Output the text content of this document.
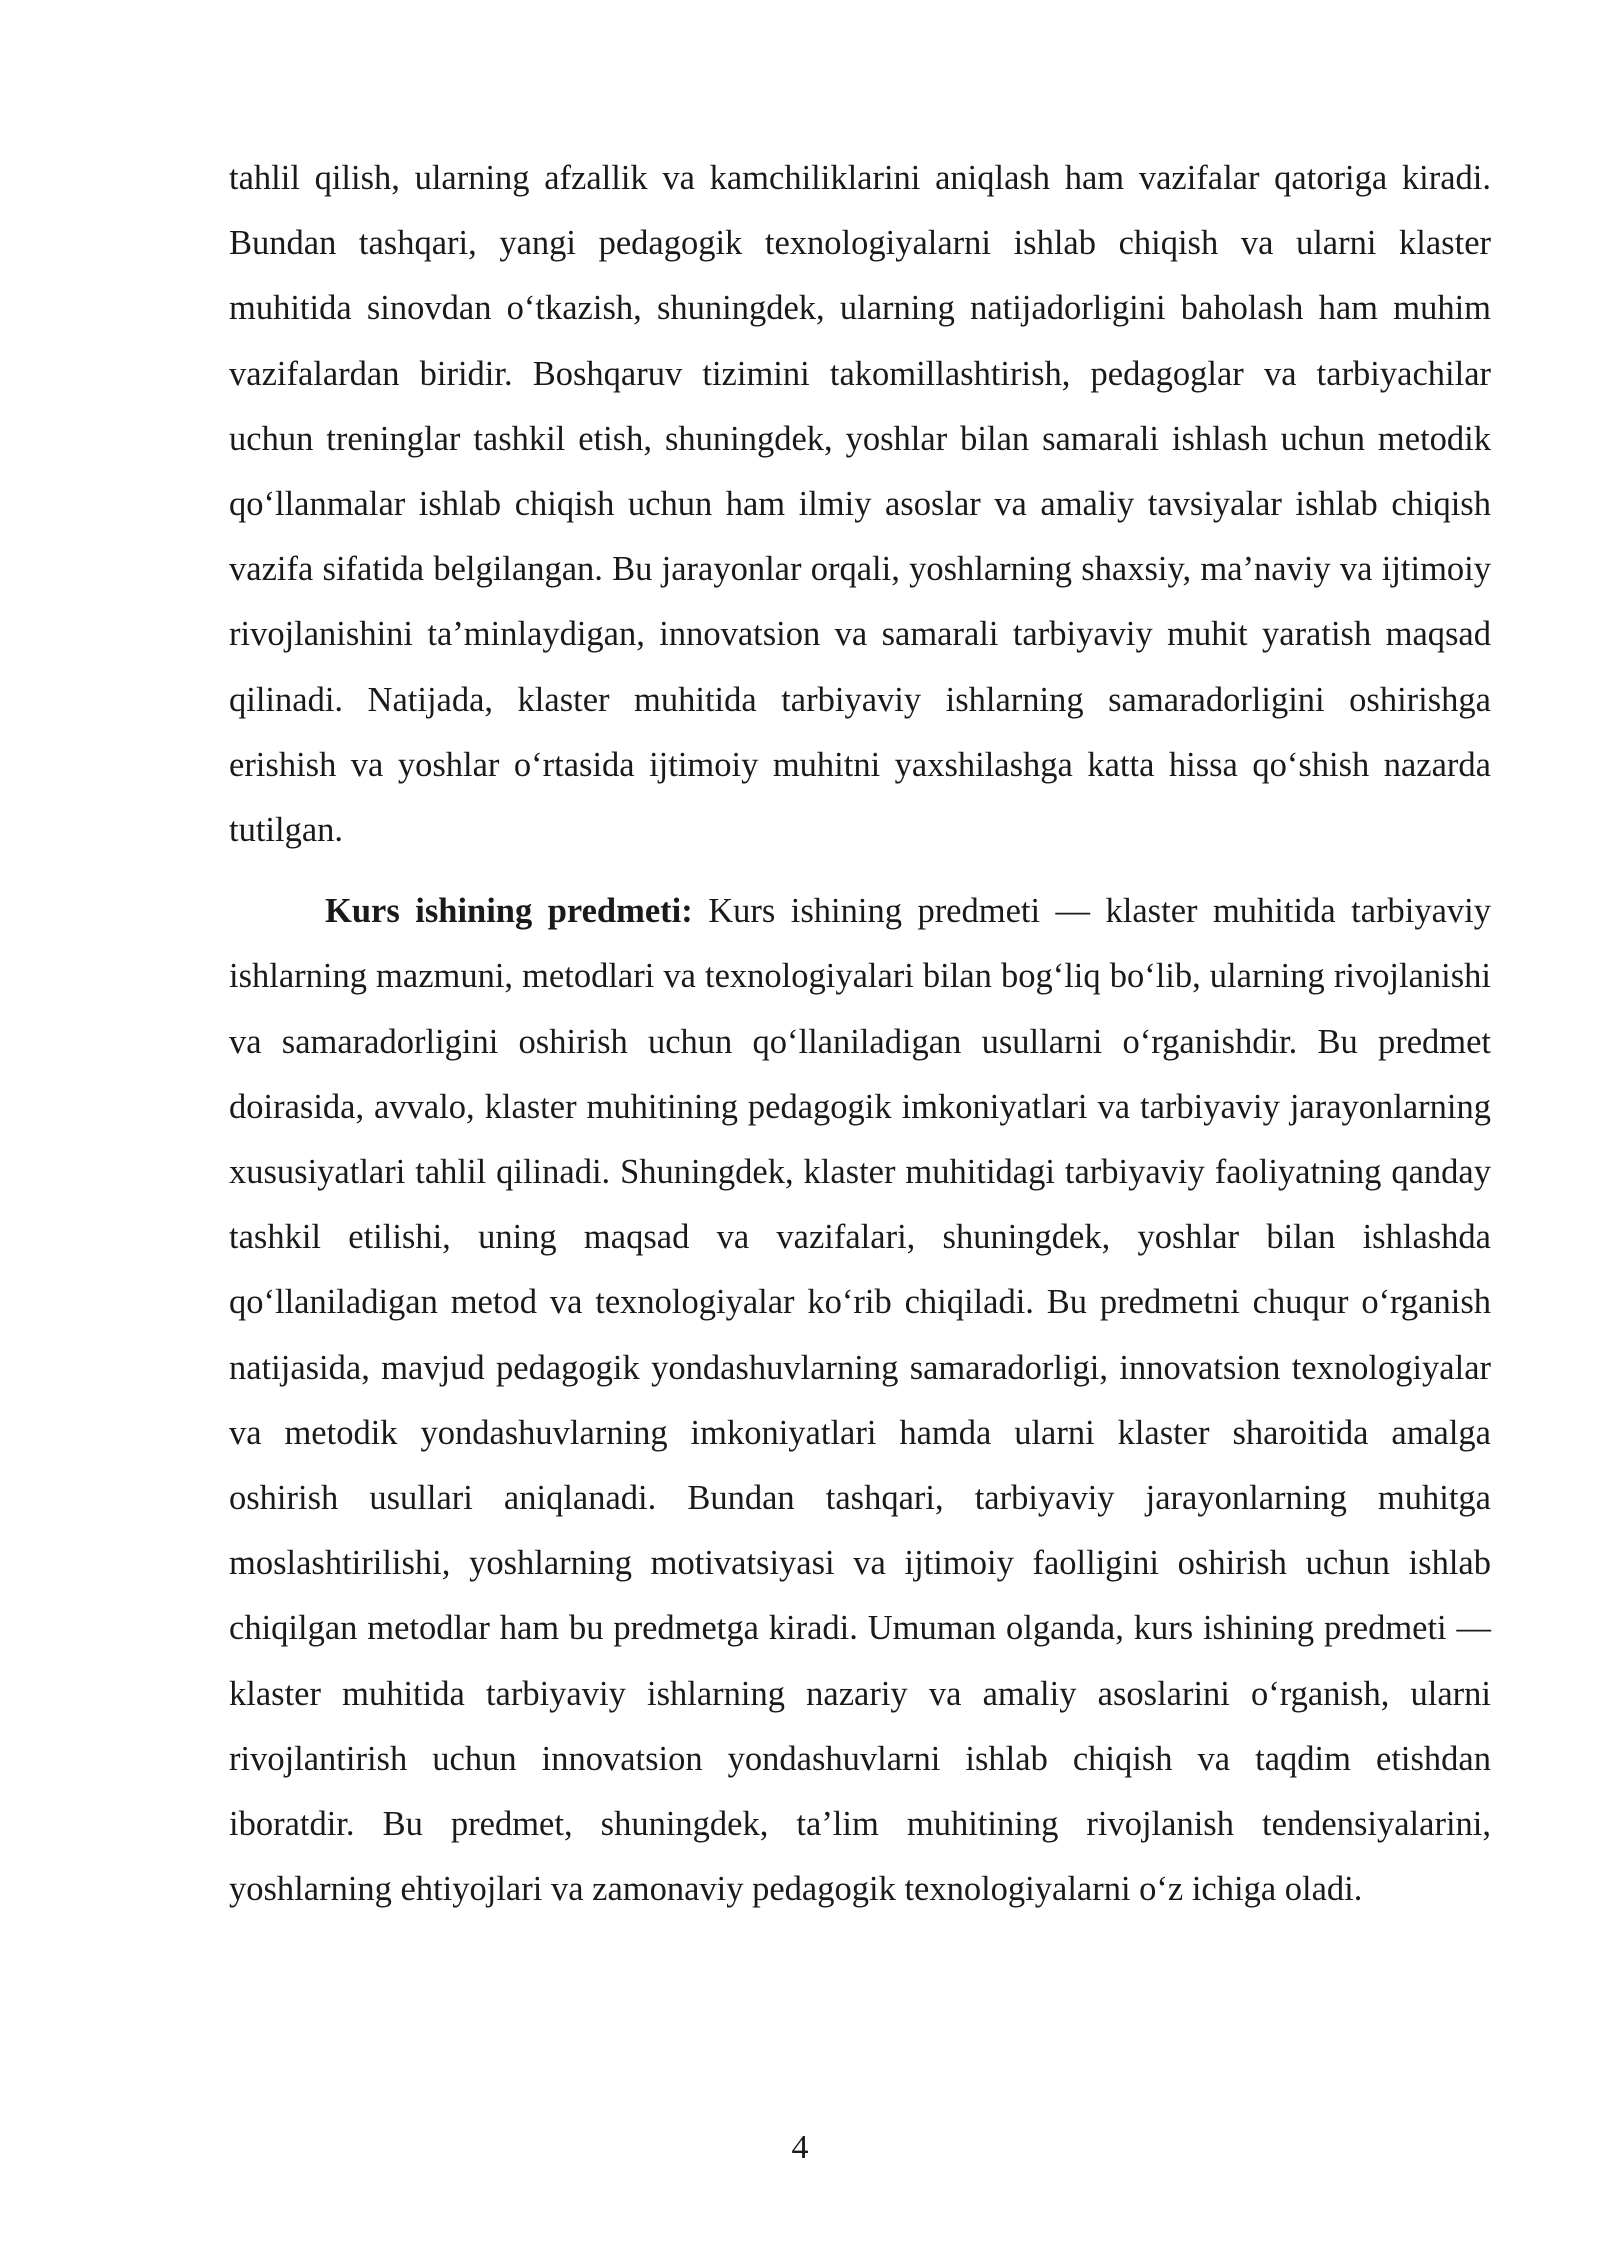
tahlil qilish, ularning afzallik va kamchiliklarini aniqlash ham vazifalar qatoriga kiradi. Bundan tashqari, yangi pedagogik texnologiyalarni ishlab chiqish va ularni klaster muhitida sinovdan o‘tkazish, shuningdek, ularning natijadorligini baholash ham muhim vazifalardan biridir. Boshqaruv tizimini takomillashtirish, pedagoglar va tarbiyachilar uchun treninglar tashkil etish, shuningdek, yoshlar bilan samarali ishlash uchun metodik qo‘llanmalar ishlab chiqish uchun ham ilmiy asoslar va amaliy tavsiyalar ishlab chiqish vazifa sifatida belgilangan. Bu jarayonlar orqali, yoshlarning shaxsiy, ma’naviy va ijtimoiy rivojlanishini ta’minlaydigan, innovatsion va samarali tarbiyaviy muhit yaratish maqsad qilinadi. Natijada, klaster muhitida tarbiyaviy ishlarning samaradorligini oshirishga erishish va yoshlar o‘rtasida ijtimoiy muhitni yaxshilashga katta hissa qo‘shish nazarda tutilgan.

Kurs ishining predmeti: Kurs ishining predmeti — klaster muhitida tarbiyaviy ishlarning mazmuni, metodlari va texnologiyalari bilan bog‘liq bo‘lib, ularning rivojlanishi va samaradorligini oshirish uchun qo‘llaniladigan usullarni o‘rganishdir. Bu predmet doirasida, avvalo, klaster muhitining pedagogik imkoniyatlari va tarbiyaviy jarayonlarning xususiyatlari tahlil qilinadi. Shuningdek, klaster muhitidagi tarbiyaviy faoliyatning qanday tashkil etilishi, uning maqsad va vazifalari, shuningdek, yoshlar bilan ishlashda qo‘llaniladigan metod va texnologiyalar ko‘rib chiqiladi. Bu predmetni chuqur o‘rganish natijasida, mavjud pedagogik yondashuvlarning samaradorligi, innovatsion texnologiyalar va metodik yondashuvlarning imkoniyatlari hamda ularni klaster sharoitida amalga oshirish usullari aniqlanadi. Bundan tashqari, tarbiyaviy jarayonlarning muhitga moslashtirilishi, yoshlarning motivatsiyasi va ijtimoiy faolligini oshirish uchun ishlab chiqilgan metodlar ham bu predmetga kiradi. Umuman olganda, kurs ishining predmeti — klaster muhitida tarbiyaviy ishlarning nazariy va amaliy asoslarini o‘rganish, ularni rivojlantirish uchun innovatsion yondashuvlarni ishlab chiqish va taqdim etishdan iboratdir. Bu predmet, shuningdek, ta’lim muhitining rivojlanish tendensiyalarini, yoshlarning ehtiyojlari va zamonaviy pedagogik texnologiyalarni o‘z ichiga oladi.

4
